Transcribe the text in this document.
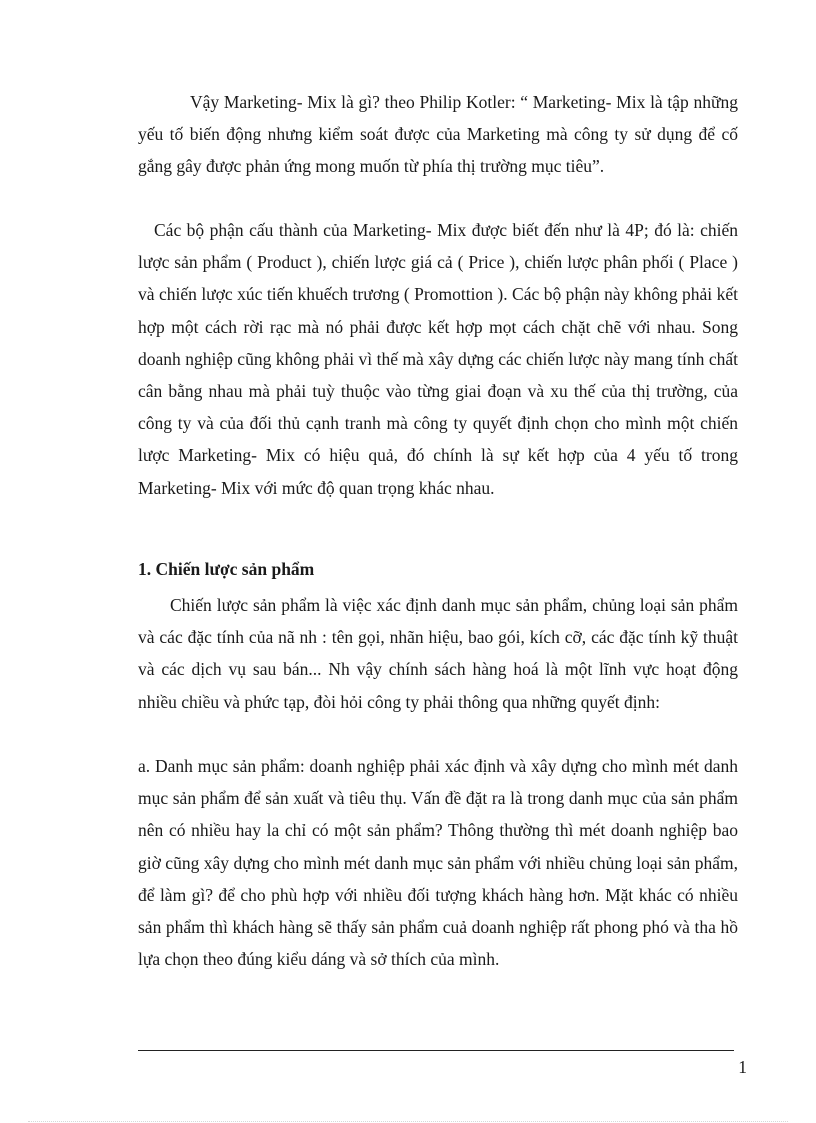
Vậy Marketing- Mix là gì? theo Philip Kotler: “ Marketing- Mix là tập những yếu tố biến động nhưng kiểm soát được của Marketing mà công ty sử dụng để cố gắng gây được phản ứng mong muốn từ phía thị trường mục tiêu”.

Các bộ phận cấu thành của Marketing- Mix được biết đến như là 4P; đó là: chiến lược sản phẩm ( Product ), chiến lược giá cả ( Price ), chiến lược phân phối ( Place ) và chiến lược xúc tiến khuếch trương ( Promottion ). Các bộ phận này không phải kết hợp một cách rời rạc mà nó phải được kết hợp mọt cách chặt chẽ với nhau. Song doanh nghiệp cũng không phải vì thế mà xây dựng các chiến lược này mang tính chất cân bằng nhau mà phải tuỳ thuộc vào từng giai đoạn và xu thế của thị trường, của công ty và của đối thủ cạnh tranh mà công ty quyết định chọn cho mình một chiến lược Marketing- Mix có hiệu quả, đó chính là sự kết hợp của 4 yếu tố trong Marketing- Mix với mức độ quan trọng khác nhau.

1. Chiến lược sản phẩm

Chiến lược sản phẩm là việc xác định danh mục sản phẩm, chủng loại sản phẩm và các đặc tính của nã nh : tên gọi, nhãn hiệu, bao gói, kích cỡ, các đặc tính kỹ thuật và các dịch vụ sau bán... Nh vậy chính sách hàng hoá là một lĩnh vực hoạt động nhiều chiều và phức tạp, đòi hỏi công ty phải thông qua những quyết định:

a. Danh mục sản phẩm: doanh nghiệp phải xác định và xây dựng cho mình mét danh mục sản phẩm để sản xuất và tiêu thụ. Vấn đề đặt ra là trong danh mục của sản phẩm nên có nhiều hay la chỉ có một sản phẩm? Thông thường thì mét doanh nghiệp bao giờ cũng xây dựng cho mình mét danh mục sản phẩm với nhiều chủng loại sản phẩm, để làm gì? để cho phù hợp với nhiều đối tượng khách hàng hơn. Mặt khác có nhiều sản phẩm thì khách hàng sẽ thấy sản phẩm cuả doanh nghiệp rất phong phó và tha hồ lựa chọn theo đúng kiểu dáng và sở thích của mình.

1
